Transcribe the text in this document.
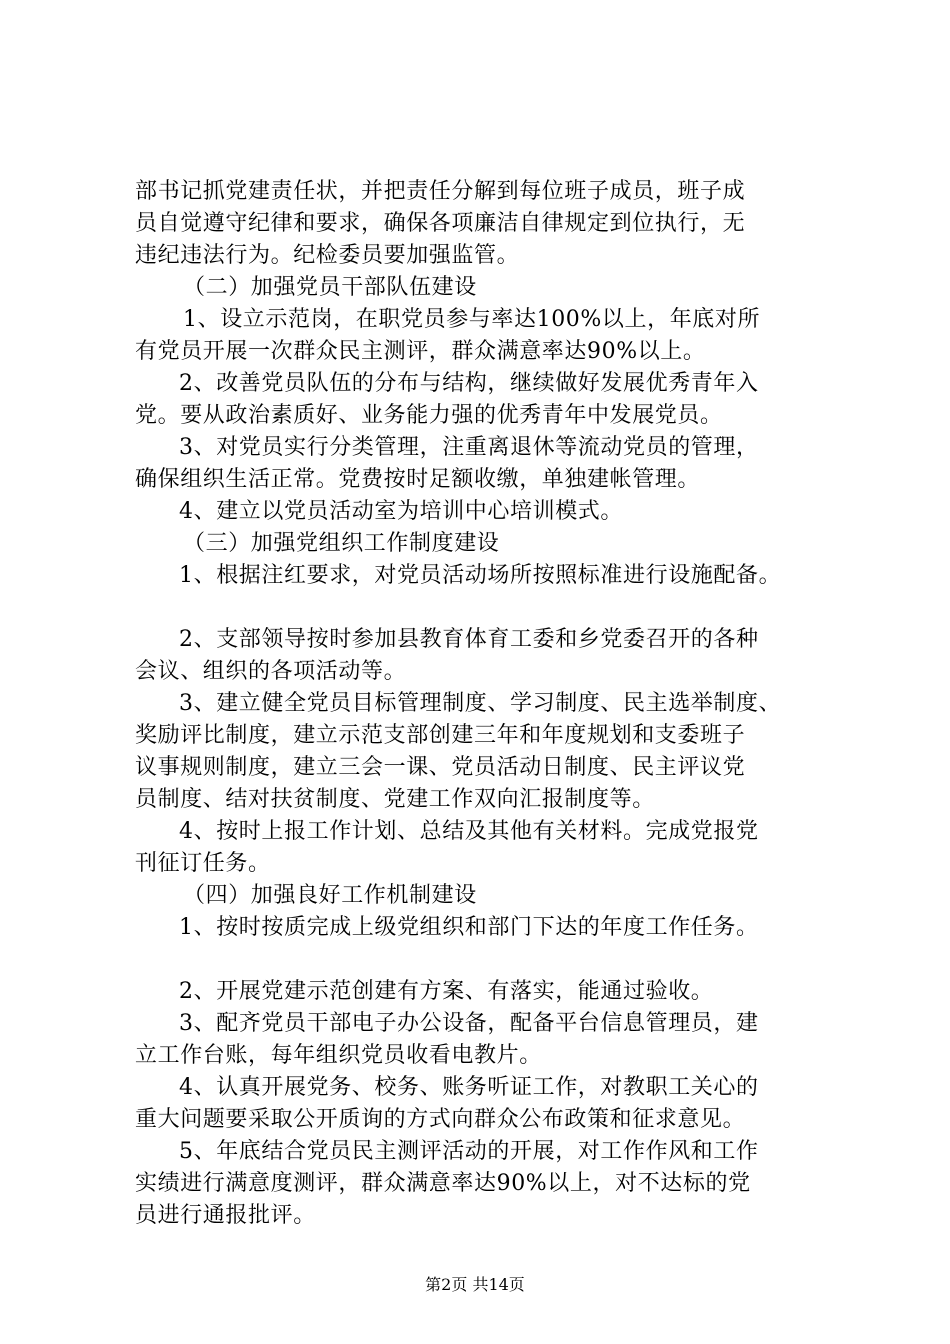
部书记抓党建责任状，并把责任分解到每位班子成员，班子成
员自觉遵守纪律和要求，确保各项廉洁自律规定到位执行，无
违纪违法行为。纪检委员要加强监管。
（二）加强党员干部队伍建设
1、设立示范岗，在职党员参与率达100%以上，年底对所
有党员开展一次群众民主测评，群众满意率达90%以上。
2、改善党员队伍的分布与结构，继续做好发展优秀青年入
党。要从政治素质好、业务能力强的优秀青年中发展党员。
3、对党员实行分类管理，注重离退休等流动党员的管理，
确保组织生活正常。党费按时足额收缴，单独建帐管理。
4、建立以党员活动室为培训中心培训模式。
（三）加强党组织工作制度建设
1、根据注红要求，对党员活动场所按照标准进行设施配备。
2、支部领导按时参加县教育体育工委和乡党委召开的各种
会议、组织的各项活动等。
3、建立健全党员目标管理制度、学习制度、民主选举制度、
奖励评比制度，建立示范支部创建三年和年度规划和支委班子
议事规则制度，建立三会一课、党员活动日制度、民主评议党
员制度、结对扶贫制度、党建工作双向汇报制度等。
4、按时上报工作计划、总结及其他有关材料。完成党报党
刊征订任务。
（四）加强良好工作机制建设
1、按时按质完成上级党组织和部门下达的年度工作任务。
2、开展党建示范创建有方案、有落实，能通过验收。
3、配齐党员干部电子办公设备，配备平台信息管理员，建
立工作台账，每年组织党员收看电教片。
4、认真开展党务、校务、账务听证工作，对教职工关心的
重大问题要采取公开质询的方式向群众公布政策和征求意见。
5、年底结合党员民主测评活动的开展，对工作作风和工作
实绩进行满意度测评，群众满意率达90%以上，对不达标的党
员进行通报批评。
第2页 共14页
